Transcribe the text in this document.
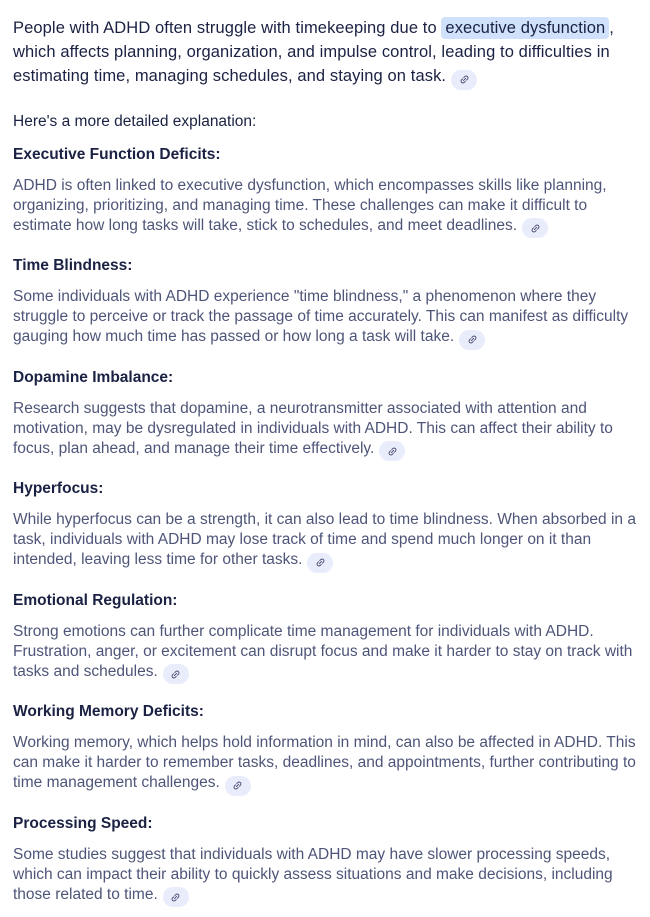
People with ADHD often struggle with timekeeping due to executive dysfunction , which affects planning, organization, and impulse control, leading to difficulties in estimating time, managing schedules, and staying on task.

Here's a more detailed explanation:

Executive Function Deficits:

ADHD is often linked to executive dysfunction, which encompasses skills like planning, organizing, prioritizing, and managing time. These challenges can make it difficult to estimate how long tasks will take, stick to schedules, and meet deadlines.

Time Blindness:

Some individuals with ADHD experience "time blindness," a phenomenon where they struggle to perceive or track the passage of time accurately. This can manifest as difficulty gauging how much time has passed or how long a task will take.

Dopamine Imbalance:

Research suggests that dopamine, a neurotransmitter associated with attention and motivation, may be dysregulated in individuals with ADHD. This can affect their ability to focus, plan ahead, and manage their time effectively.

Hyperfocus:

While hyperfocus can be a strength, it can also lead to time blindness. When absorbed in a task, individuals with ADHD may lose track of time and spend much longer on it than intended, leaving less time for other tasks.

Emotional Regulation:

Strong emotions can further complicate time management for individuals with ADHD. Frustration, anger, or excitement can disrupt focus and make it harder to stay on track with tasks and schedules.

Working Memory Deficits:

Working memory, which helps hold information in mind, can also be affected in ADHD. This can make it harder to remember tasks, deadlines, and appointments, further contributing to time management challenges.

Processing Speed:

Some studies suggest that individuals with ADHD may have slower processing speeds, which can impact their ability to quickly assess situations and make decisions, including those related to time.
